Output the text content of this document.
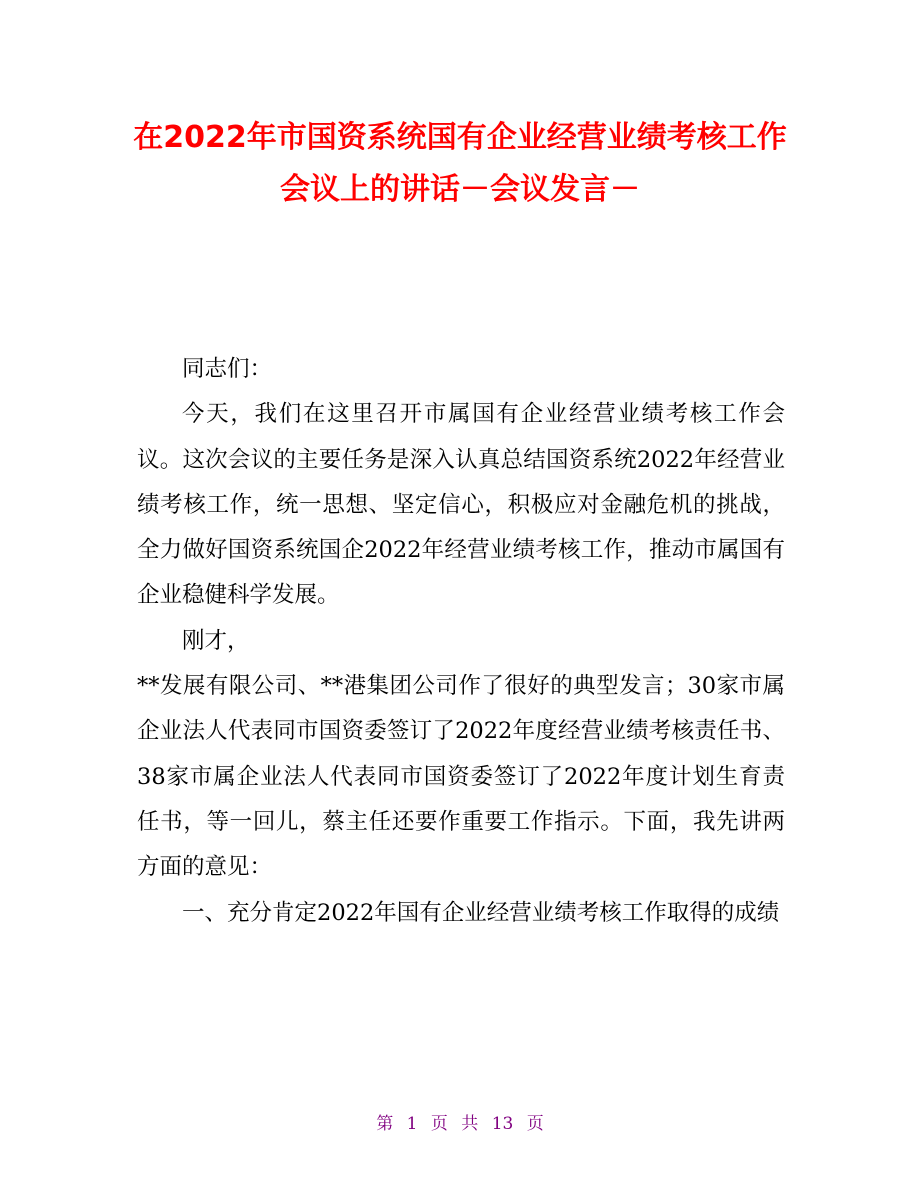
在2022年市国资系统国有企业经营业绩考核工作会议上的讲话－会议发言－

同志们：

今天，我们在这里召开市属国有企业经营业绩考核工作会议。这次会议的主要任务是深入认真总结国资系统2022年经营业绩考核工作，统一思想、坚定信心，积极应对金融危机的挑战，全力做好国资系统国企2022年经营业绩考核工作，推动市属国有企业稳健科学发展。

刚才，

**发展有限公司、**港集团公司作了很好的典型发言；30家市属企业法人代表同市国资委签订了2022年度经营业绩考核责任书、38家市属企业法人代表同市国资委签订了2022年度计划生育责任书，等一回儿，蔡主任还要作重要工作指示。下面，我先讲两方面的意见：

一、充分肯定2022年国有企业经营业绩考核工作取得的成绩

第 1 页 共 13 页
